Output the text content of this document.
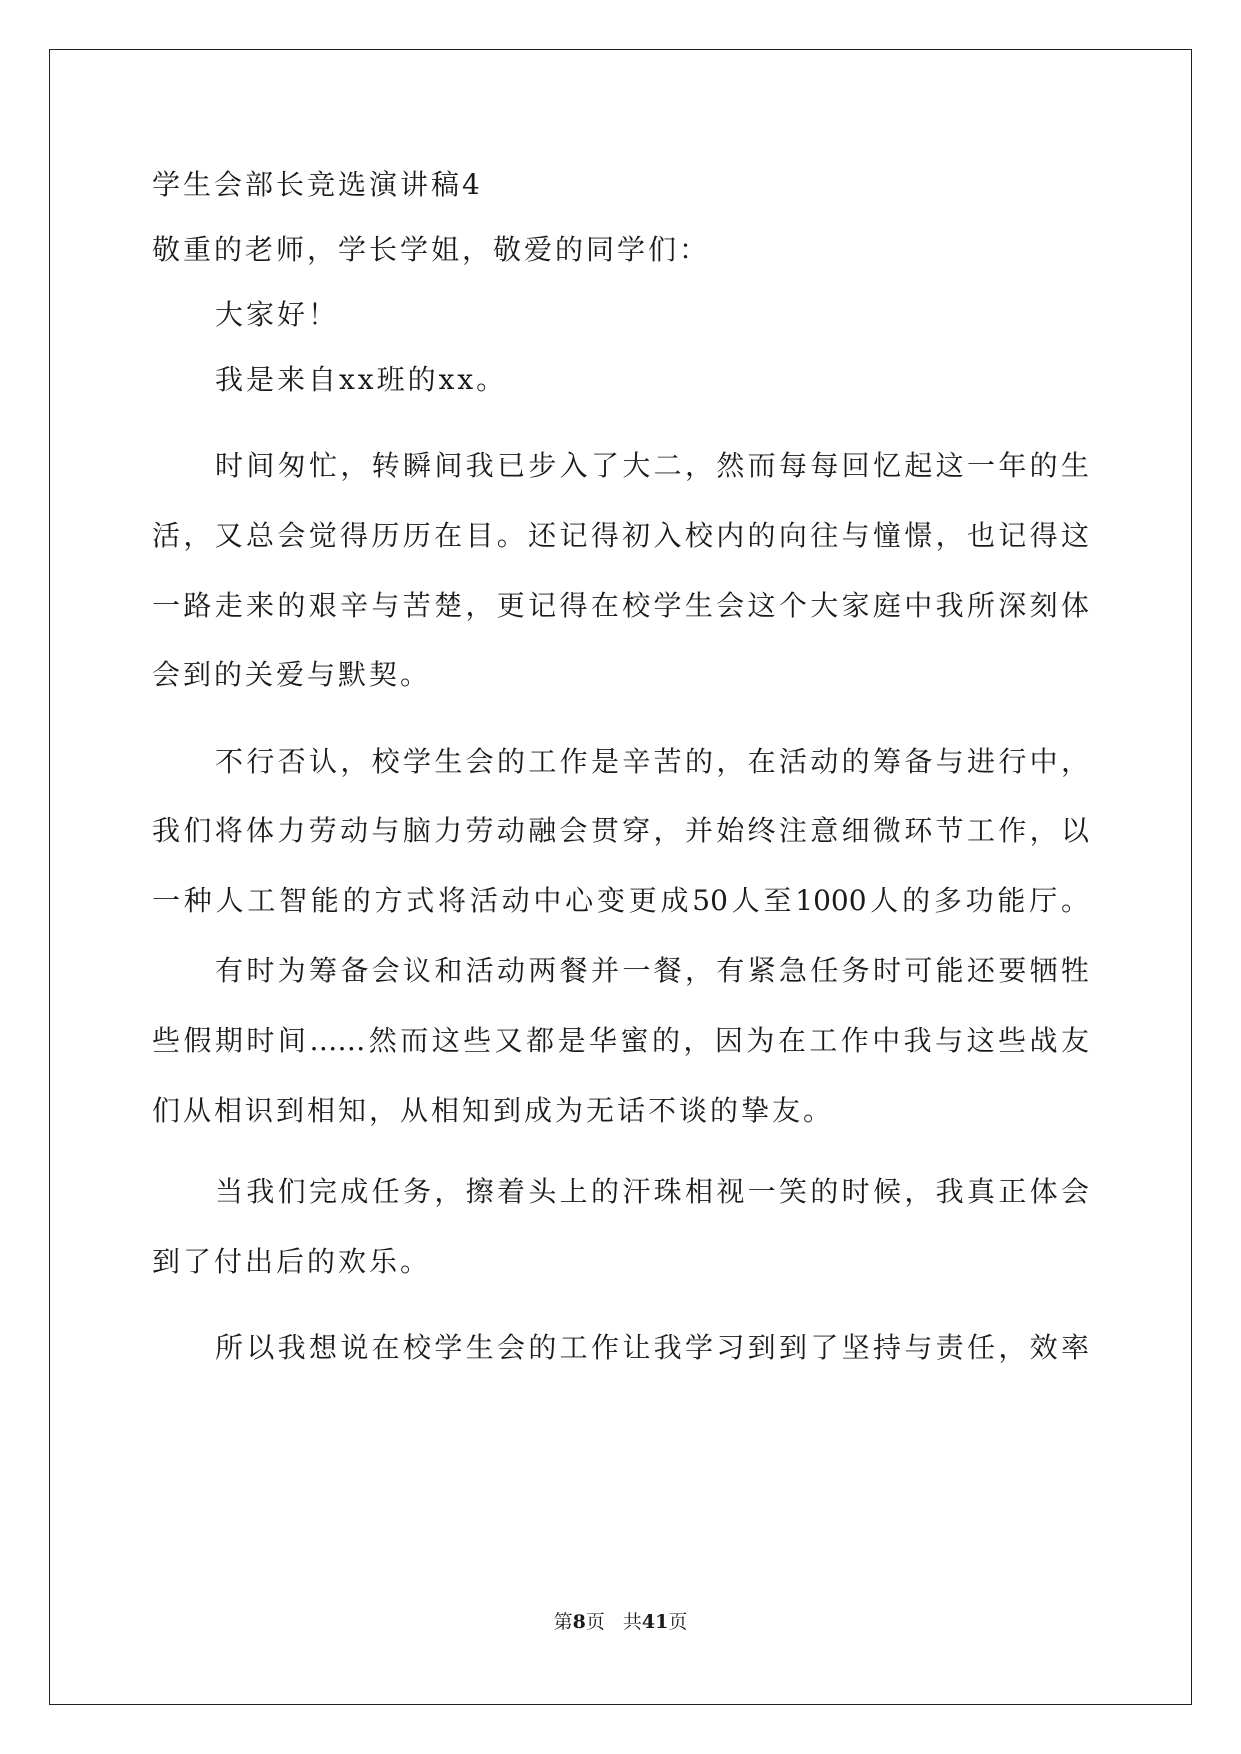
学生会部长竞选演讲稿4
敬重的老师，学长学姐，敬爱的同学们：
大家好！
我是来自xx班的xx。
时间匆忙，转瞬间我已步入了大二，然而每每回忆起这一年的生
活，又总会觉得历历在目。还记得初入校内的向往与憧憬，也记得这
一路走来的艰辛与苦楚，更记得在校学生会这个大家庭中我所深刻体
会到的关爱与默契。
不行否认，校学生会的工作是辛苦的，在活动的筹备与进行中，
我们将体力劳动与脑力劳动融会贯穿，并始终注意细微环节工作，以
一种人工智能的方式将活动中心变更成50人至1000人的多功能厅。
有时为筹备会议和活动两餐并一餐，有紧急任务时可能还要牺牲
些假期时间……然而这些又都是华蜜的，因为在工作中我与这些战友
们从相识到相知，从相知到成为无话不谈的挚友。
当我们完成任务，擦着头上的汗珠相视一笑的时候，我真正体会
到了付出后的欢乐。
所以我想说在校学生会的工作让我学习到到了坚持与责任，效率
第8页 共41页
